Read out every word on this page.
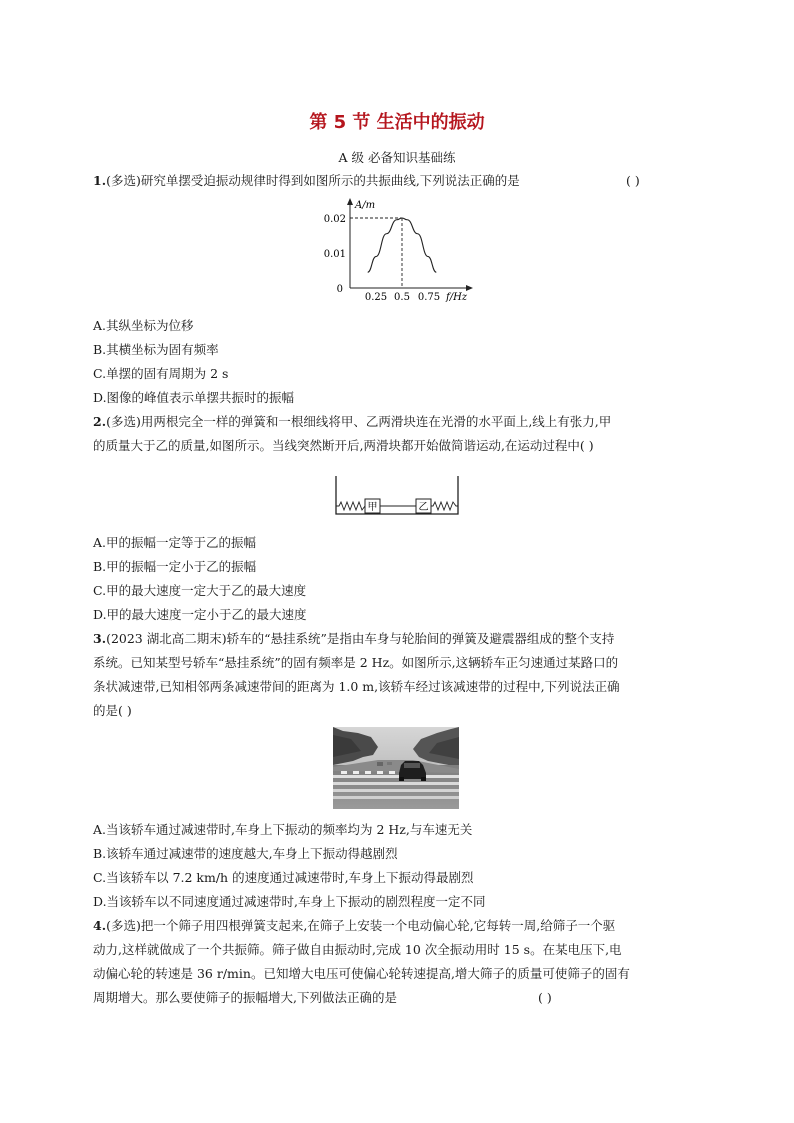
第 5 节 生活中的振动
A 级 必备知识基础练
1.(多选)研究单摆受迫振动规律时得到如图所示的共振曲线,下列说法正确的是	( )
A/m
f/Hz
0
0.01
0.02
0.25 0.5 0.75
A.其纵坐标为位移
B.其横坐标为固有频率
C.单摆的固有周期为 2 s
D.图像的峰值表示单摆共振时的振幅
2.(多选)用两根完全一样的弹簧和一根细线将甲、乙两滑块连在光滑的水平面上,线上有张力,甲
的质量大于乙的质量,如图所示。当线突然断开后,两滑块都开始做简谐运动,在运动过程中( )
甲	乙
A.甲的振幅一定等于乙的振幅
B.甲的振幅一定小于乙的振幅
C.甲的最大速度一定大于乙的最大速度
D.甲的最大速度一定小于乙的最大速度
3.(2023 湖北高二期末)轿车的“悬挂系统”是指由车身与轮胎间的弹簧及避震器组成的整个支持
系统。已知某型号轿车“悬挂系统”的固有频率是 2 Hz。如图所示,这辆轿车正匀速通过某路口的
条状减速带,已知相邻两条减速带间的距离为 1.0 m,该轿车经过该减速带的过程中,下列说法正确
的是( )
A.当该轿车通过减速带时,车身上下振动的频率均为 2 Hz,与车速无关
B.该轿车通过减速带的速度越大,车身上下振动得越剧烈
C.当该轿车以 7.2 km/h 的速度通过减速带时,车身上下振动得最剧烈
D.当该轿车以不同速度通过减速带时,车身上下振动的剧烈程度一定不同
4.(多选)把一个筛子用四根弹簧支起来,在筛子上安装一个电动偏心轮,它每转一周,给筛子一个驱
动力,这样就做成了一个共振筛。筛子做自由振动时,完成 10 次全振动用时 15 s。在某电压下,电
动偏心轮的转速是 36 r/min。已知增大电压可使偏心轮转速提高,增大筛子的质量可使筛子的固有
周期增大。那么要使筛子的振幅增大,下列做法正确的是	( )
